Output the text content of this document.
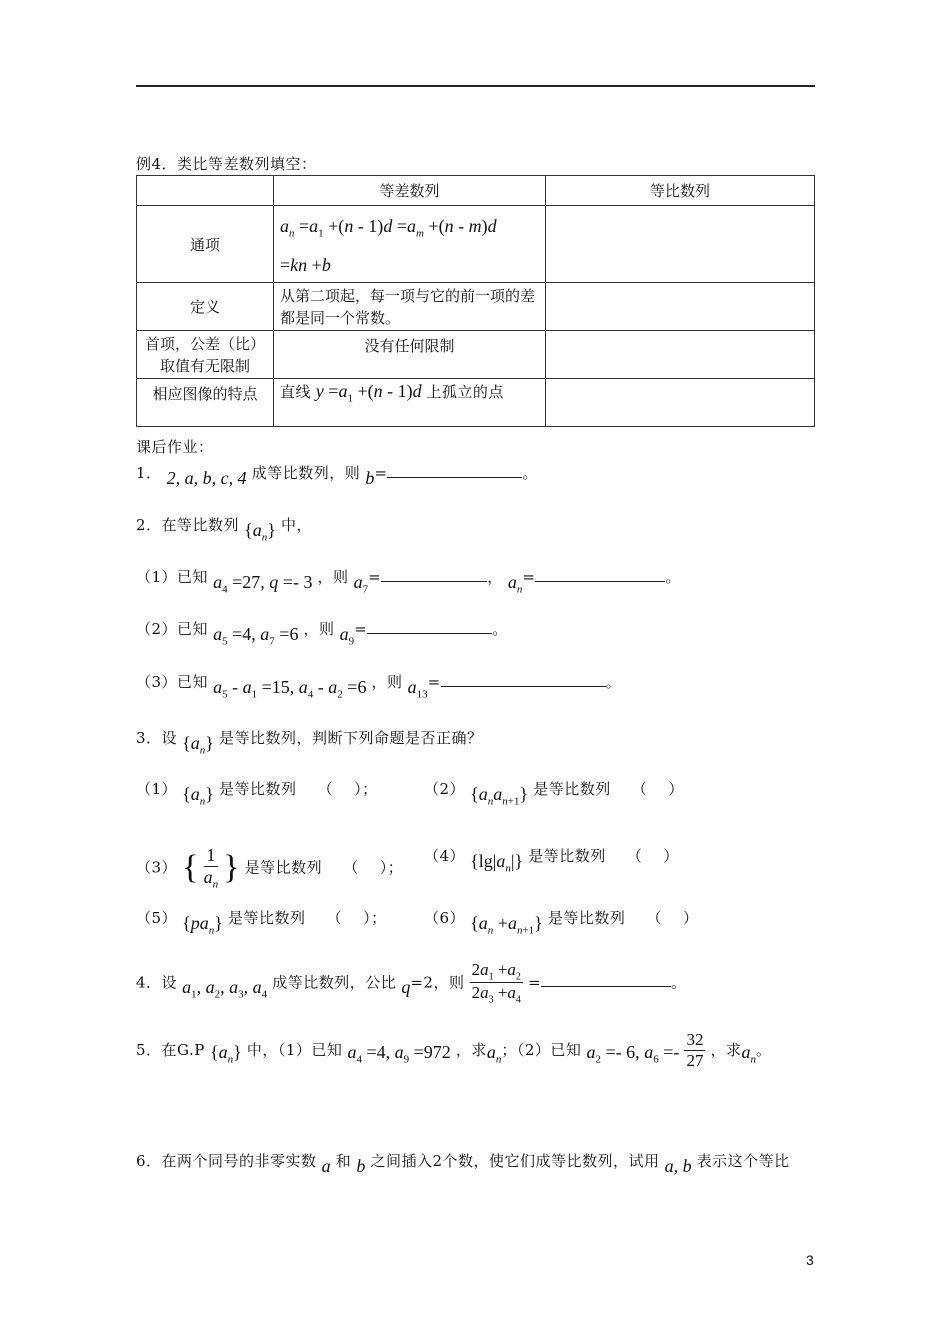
例4．类比等差数列填空：
	等差数列	等比数列
通项	$a_n =a_1 +(n - 1)d =a_m +(n - m)d$
=kn +b	

定义	从第二项起，每一项与它的前一项的差都是同一个常数。	
首项，公差（比）取值有无限制	没有任何限制	
相应图像的特点	直线 $y =a_1 +(n - 1)d$ 上孤立的点	
课后作业：
1． 2, a, b, c, 4 成等比数列，则 b=	。
2．在等比数列 $\{a_n\}$ 中，
（1）已知 $a_4 =27$, q =- 3 ，则 $a_7=$	， $a_n=$	。
（2）已知 $a_5 =4$, $a_7 =6$ ，则 $a_9=$	。
（3）已知 $a_5 - a_1 =15$, $a_4 - a_2 =6$ ，则 $a_{13}=$	。
3．设 $\{a_n\}$ 是等比数列，判断下列命题是否正确？
（1） $\{a_n\}$ 是等比数列    （    ）；	（2） $\{a_na_{n+1}\}$ 是等比数列    （    ）
（3） { $\frac{1}{a_n}$ } 是等比数列    （    ）；
（4） $\{\lg|a_n|\}$ 是等比数列    （    ）
（5） $\{pa_n\}$ 是等比数列    （    ）； （6） $\{a_n +a_{n+1}\}$ 是等比数列    （    ）
4．设 $a_1$, $a_2$, $a_3$, $a_4$ 成等比数列，公比 q=2，则 $\frac{2a_1 +a_2}{2a_3 +a_4}$ =	。
5．在G.P $\{a_n\}$ 中，（1）已知 $a_4 =4$, $a_9 =972$ ，求$a_n$；（2）已知 $a_2 =- 6$, $a_6 =- \frac{32}{27}$ ，求$a_n$。
6．在两个同号的非零实数 a 和 b 之间插入2个数，使它们成等比数列，试用 a, b 表示这个等比
3
